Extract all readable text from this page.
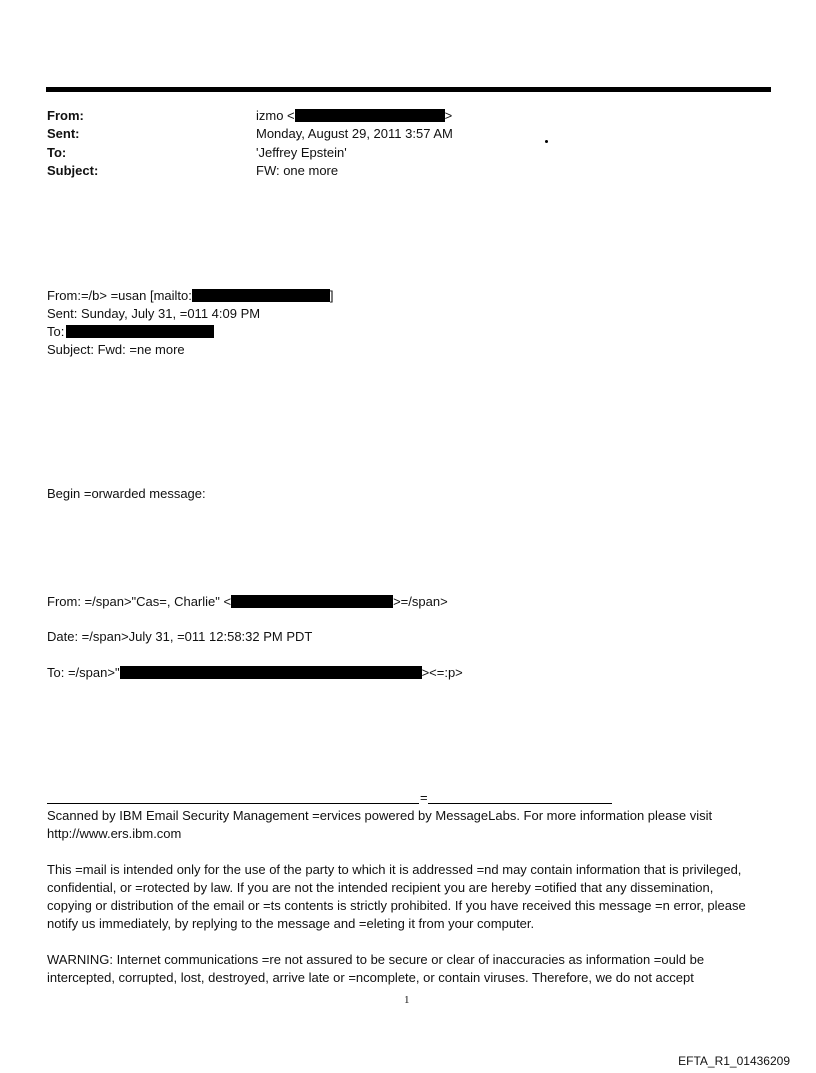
From:	izmo <	>
Sent:	Monday, August 29, 2011 3:57 AM
To:	'Jeffrey Epstein'
Subject:	FW: one more
From:=/b> =usan [mailto:	]
Sent: Sunday, July 31, =011 4:09 PM
To:
Subject: Fwd: =ne more
Begin =orwarded message:
From: =/span>"Cas=, Charlie" <	>=/span>
Date: =/span>July 31, =011 12:58:32 PM PDT
To: =/span>"	><=:p>
=
Scanned by IBM Email Security Management =ervices powered by MessageLabs. For more information please visit http://www.ers.ibm.com
This =mail is intended only for the use of the party to which it is addressed =nd may contain information that is privileged, confidential, or =rotected by law. If you are not the intended recipient you are hereby =otified that any dissemination, copying or distribution of the email or =ts contents is strictly prohibited. If you have received this message =n error, please notify us immediately, by replying to the message and =eleting it from your computer.
WARNING: Internet communications =re not assured to be secure or clear of inaccuracies as information =ould be intercepted, corrupted, lost, destroyed, arrive late or =ncomplete, or contain viruses. Therefore, we do not accept
1
EFTA_R1_01436209
